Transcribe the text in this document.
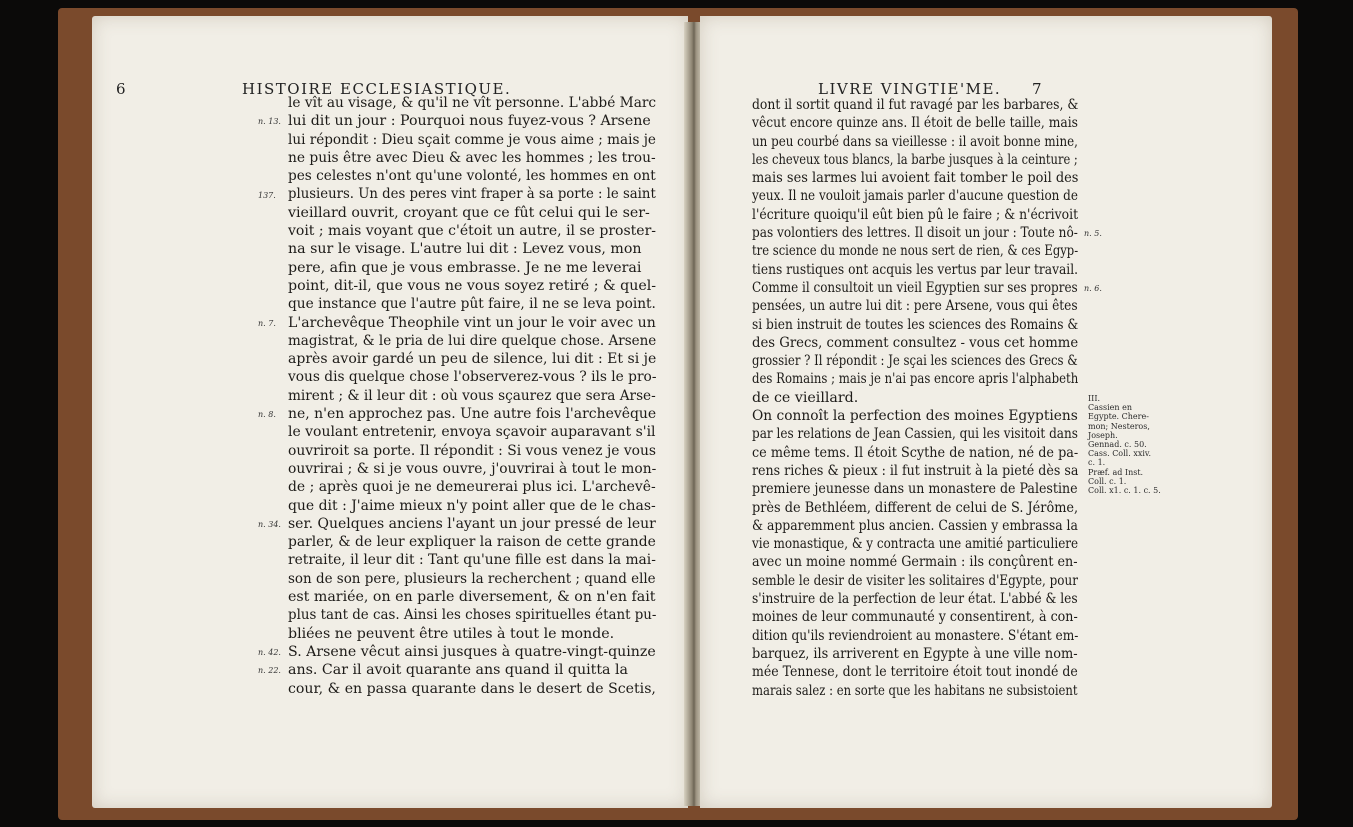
6	HISTOIRE ECCLESIASTIQUE.
le vît au visage, & qu'il ne vît personne. L'abbé Marc
lui dit un jour : Pourquoi nous fuyez-vous ? Arsene
lui répondit : Dieu sçait comme je vous aime ; mais je
ne puis être avec Dieu & avec les hommes ; les trou-
pes celestes n'ont qu'une volonté, les hommes en ont
plusieurs. Un des peres vint fraper à sa porte : le saint
vieillard ouvrit, croyant que ce fût celui qui le ser-
voit ; mais voyant que c'étoit un autre, il se proster-
na sur le visage. L'autre lui dit : Levez vous, mon
pere, afin que je vous embrasse. Je ne me leverai
point, dit-il, que vous ne vous soyez retiré ; & quel-
que instance que l'autre pût faire, il ne se leva point.
L'archevêque Theophile vint un jour le voir avec un
magistrat, & le pria de lui dire quelque chose. Arsene
après avoir gardé un peu de silence, lui dit : Et si je
vous dis quelque chose l'observerez-vous ? ils le pro-
mirent ; & il leur dit : où vous sçaurez que sera Arse-
ne, n'en approchez pas. Une autre fois l'archevêque
le voulant entretenir, envoya sçavoir auparavant s'il
ouvriroit sa porte. Il répondit : Si vous venez je vous
ouvrirai ; & si je vous ouvre, j'ouvrirai à tout le mon-
de ; après quoi je ne demeurerai plus ici. L'archevê-
que dit : J'aime mieux n'y point aller que de le chas-
ser. Quelques anciens l'ayant un jour pressé de leur
parler, & de leur expliquer la raison de cette grande
retraite, il leur dit : Tant qu'une fille est dans la mai-
son de son pere, plusieurs la recherchent ; quand elle
est mariée, on en parle diversement, & on n'en fait
plus tant de cas. Ainsi les choses spirituelles étant pu-
bliées ne peuvent être utiles à tout le monde.
S. Arsene vêcut ainsi jusques à quatre-vingt-quinze
ans. Car il avoit quarante ans quand il quitta la
cour, & en passa quarante dans le desert de Scetis,
n. 13.
137.
n. 7.
n. 8.
n. 34.
n. 42.
n. 22.
LIVRE VINGTIE'ME. 7
dont il sortit quand il fut ravagé par les barbares, &
vêcut encore quinze ans. Il étoit de belle taille, mais
un peu courbé dans sa vieillesse : il avoit bonne mine,
les cheveux tous blancs, la barbe jusques à la ceinture ;
mais ses larmes lui avoient fait tomber le poil des
yeux. Il ne vouloit jamais parler d'aucune question de
l'écriture quoiqu'il eût bien pû le faire ; & n'écrivoit
pas volontiers des lettres. Il disoit un jour : Toute nô-
tre science du monde ne nous sert de rien, & ces Egyp-
tiens rustiques ont acquis les vertus par leur travail.
Comme il consultoit un vieil Egyptien sur ses propres
pensées, un autre lui dit : pere Arsene, vous qui êtes
si bien instruit de toutes les sciences des Romains &
des Grecs, comment consultez - vous cet homme
grossier ? Il répondit : Je sçai les sciences des Grecs &
des Romains ; mais je n'ai pas encore apris l'alphabeth
de ce vieillard.
On connoît la perfection des moines Egyptiens
par les relations de Jean Cassien, qui les visitoit dans
ce même tems. Il étoit Scythe de nation, né de pa-
rens riches & pieux : il fut instruit à la pieté dès sa
premiere jeunesse dans un monastere de Palestine
près de Bethléem, different de celui de S. Jérôme,
& apparemment plus ancien. Cassien y embrassa la
vie monastique, & y contracta une amitié particuliere
avec un moine nommé Germain : ils conçûrent en-
semble le desir de visiter les solitaires d'Egypte, pour
s'instruire de la perfection de leur état. L'abbé & les
moines de leur communauté y consentirent, à con-
dition qu'ils reviendroient au monastere. S'étant em-
barquez, ils arriverent en Egypte à une ville nom-
mée Tennese, dont le territoire étoit tout inondé de
marais salez : en sorte que les habitans ne subsistoient
n. 5.
n. 6.
III.
Cassien en
Egypte. Chere-
mon; Nesteros,
Joseph.
Gennad. c. 50.
Cass. Coll. xxiv.
c. 1.
Præf. ad Inst.
Coll. c. 1.
Coll. x1. c. 1. c. 5.
